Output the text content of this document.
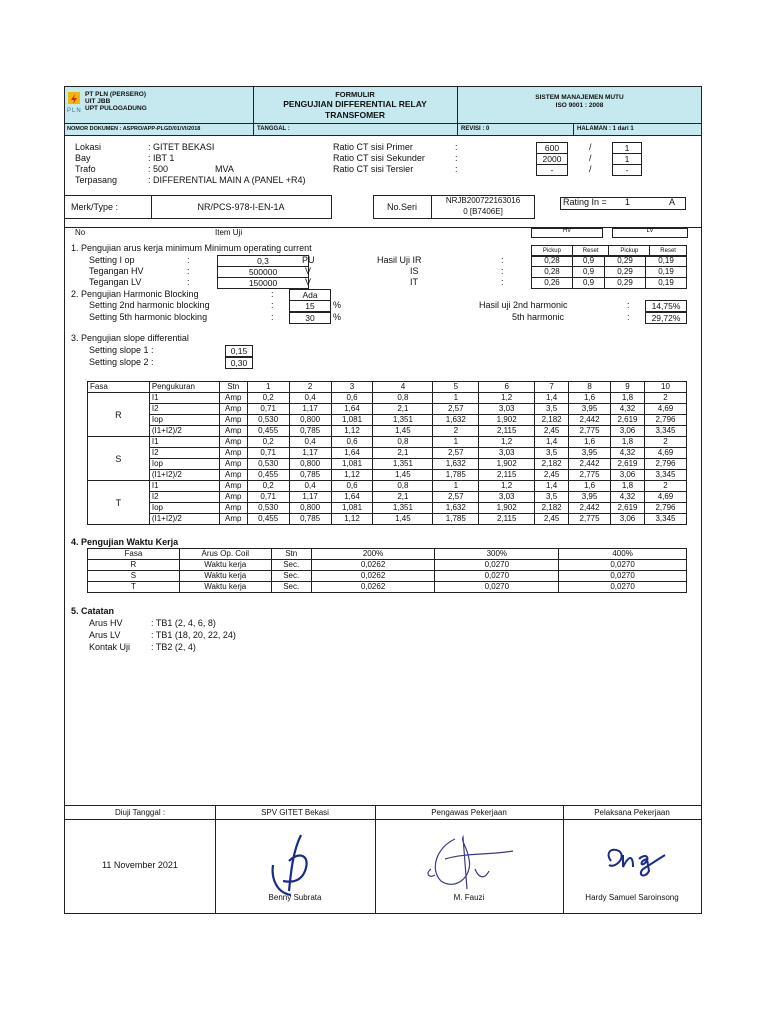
PLN
PT PLN (PERSERO)
UIT JBB
UPT PULOGADUNG
FORMULIR
PENGUJIAN DIFFERENTIAL RELAY
TRANSFOMER
SISTEM MANAJEMEN MUTU
ISO 9001 : 2008
NOMOR DOKUMEN : ASPRO/APP-PLGD/01/VI/2018	TANGGAL :	REVISI : 0	HALAMAN : 1 dari 1
Lokasi	: GITET BEKASI
Bay	: IBT 1
Trafo	: 500	MVA
Terpasang	: DIFFERENTIAL MAIN A (PANEL +R4)
Ratio CT sisi Primer	:	600	/	1
Ratio CT sisi Sekunder	:	2000	/	1
Ratio CT sisi Tersier	:	-	/	-
Merk/Type :	NR/PCS-978-I-EN-1A	No.Seri
NRJB200722163016
0 [B7406E]
Rating In = 1	A
No	Item Uji	HV	LV
1. Pengujian arus kerja minimum Minimum operating current	Pickup	Reset	Pickup	Reset
Setting I op	:	0,3	PU	Hasil Uji IR
Tegangan HV	:	500000	V	IS
Tegangan LV	:	150000	V	IT
:
:
:
0,28	0,9	0,29	0,19
0,28	0,9	0,29	0,19
0,26	0,9	0,29	0,19
2. Pengujian Harmonic Blocking	:	Ada
Setting 2nd harmonic blocking	:	15	%	Hasil uji 2nd harmonic	:	14,75%
Setting 5th harmonic blocking	:	30	%	5th harmonic	:	29,72%
3. Pengujian slope differential
Setting slope 1 :	0,15
Setting slope 2 :	0,30
Fasa	Pengukuran	Stn	1	2	3	4	5	6	7	8	9	10
R	I1	Amp	0,2	0,4	0,6	0,8	1	1,2	1,4	1,6	1,8	2
	I2	Amp	0,71	1,17	1,64	2,1	2,57	3,03	3,5	3,95	4,32	4,69
	Iop	Amp	0,530	0,800	1,081	1,351	1,632	1,902	2,182	2,442	2,619	2,796
	(I1+I2)/2	Amp	0,455	0,785	1,12	1,45	2	2,115	2,45	2,775	3,06	3,345
S	I1	Amp	0,2	0,4	0,6	0,8	1	1,2	1,4	1,6	1,8	2
	I2	Amp	0,71	1,17	1,64	2,1	2,57	3,03	3,5	3,95	4,32	4,69
	Iop	Amp	0,530	0,800	1,081	1,351	1,632	1,902	2,182	2,442	2,619	2,796
	(I1+I2)/2	Amp	0,455	0,785	1,12	1,45	1,785	2,115	2,45	2,775	3,06	3,345
T	I1	Amp	0,2	0,4	0,6	0,8	1	1,2	1,4	1,6	1,8	2
	I2	Amp	0,71	1,17	1,64	2,1	2,57	3,03	3,5	3,95	4,32	4,69
	Iop	Amp	0,530	0,800	1,081	1,351	1,632	1,902	2,182	2,442	2,619	2,796
	(I1+I2)/2	Amp	0,455	0,785	1,12	1,45	1,785	2,115	2,45	2,775	3,06	3,345
4. Pengujian Waktu Kerja
Fasa	Arus Op. Coil	Stn	200%	300%	400%
R	Waktu kerja	Sec.	0,0262	0,0270	0,0270
S	Waktu kerja	Sec.	0,0262	0,0270	0,0270
T	Waktu kerja	Sec.	0,0262	0,0270	0,0270
5. Catatan
Arus HV	: TB1 (2, 4, 6, 8)
Arus LV	: TB1 (18, 20, 22, 24)
Kontak Uji : TB2 (2, 4)
Diuji Tanggal :	SPV GITET Bekasi	Pengawas Pekerjaan	Pelaksana Pekerjaan
11 November 2021
Benny Subrata	M. Fauzi	Hardy Samuel Saroinsong
